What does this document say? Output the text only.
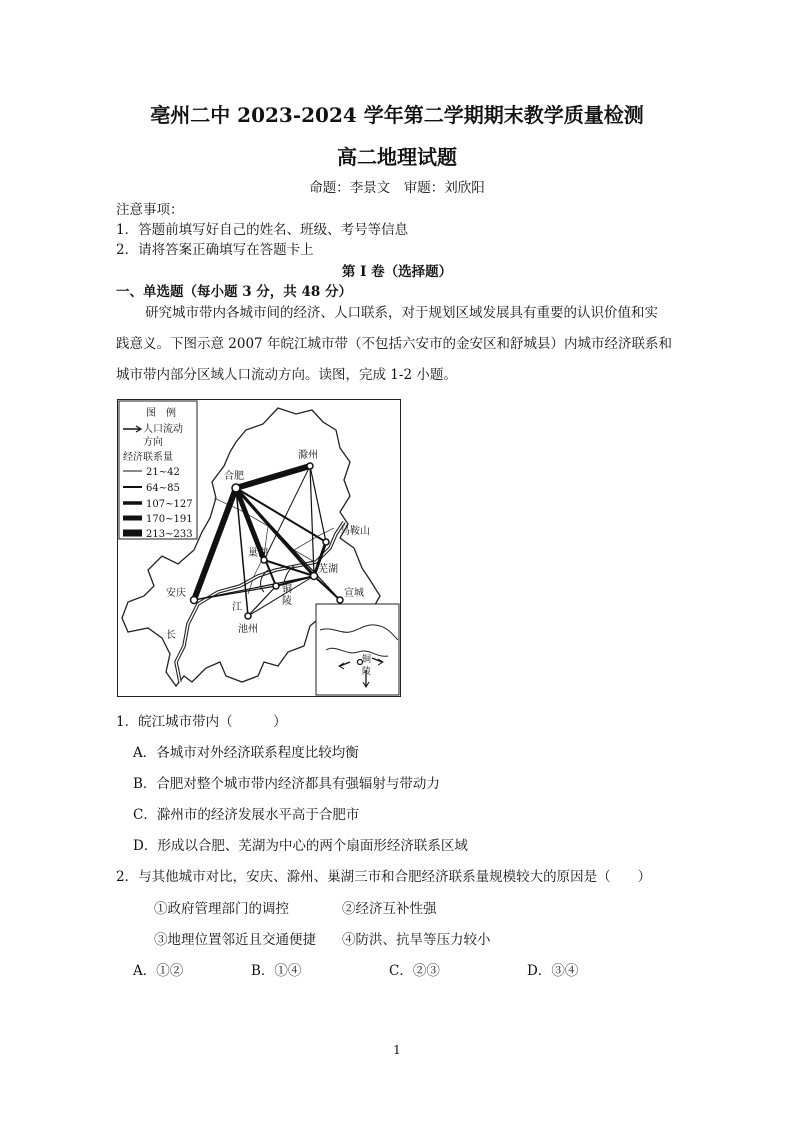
亳州二中 2023-2024 学年第二学期期末教学质量检测
高二地理试题
命题：李景文　审题：刘欣阳
注意事项：
1．答题前填写好自己的姓名、班级、考号等信息
2．请将答案正确填写在答题卡上
第 I 卷（选择题）
一、单选题（每小题 3 分，共 48 分）
研究城市带内各城市间的经济、人口联系，对于规划区域发展具有重要的认识价值和实
践意义。下图示意 2007 年皖江城市带（不包括六安市的金安区和舒城县）内城市经济联系和
城市带内部分区域人口流动方向。读图，完成 1-2 小题。
滁州
合肥
马鞍山
巢湖
芜湖
安庆	宣城
铜
陵
池州
江
长
图　例
人口流动
方向
经济联系量
21~42
64~85
107~127
170~191
213~233
铜
陵
1．皖江城市带内（　　　）
A．各城市对外经济联系程度比较均衡
B．合肥对整个城市带内经济都具有强辐射与带动力
C．滁州市的经济发展水平高于合肥市
D．形成以合肥、芜湖为中心的两个扇面形经济联系区域
2．与其他城市对比，安庆、滁州、巢湖三市和合肥经济联系量规模较大的原因是（　　）
①政府管理部门的调控	②经济互补性强
③地理位置邻近且交通便捷 ④防洪、抗旱等压力较小
A．①②	B．①④	C．②③	D．③④
1
